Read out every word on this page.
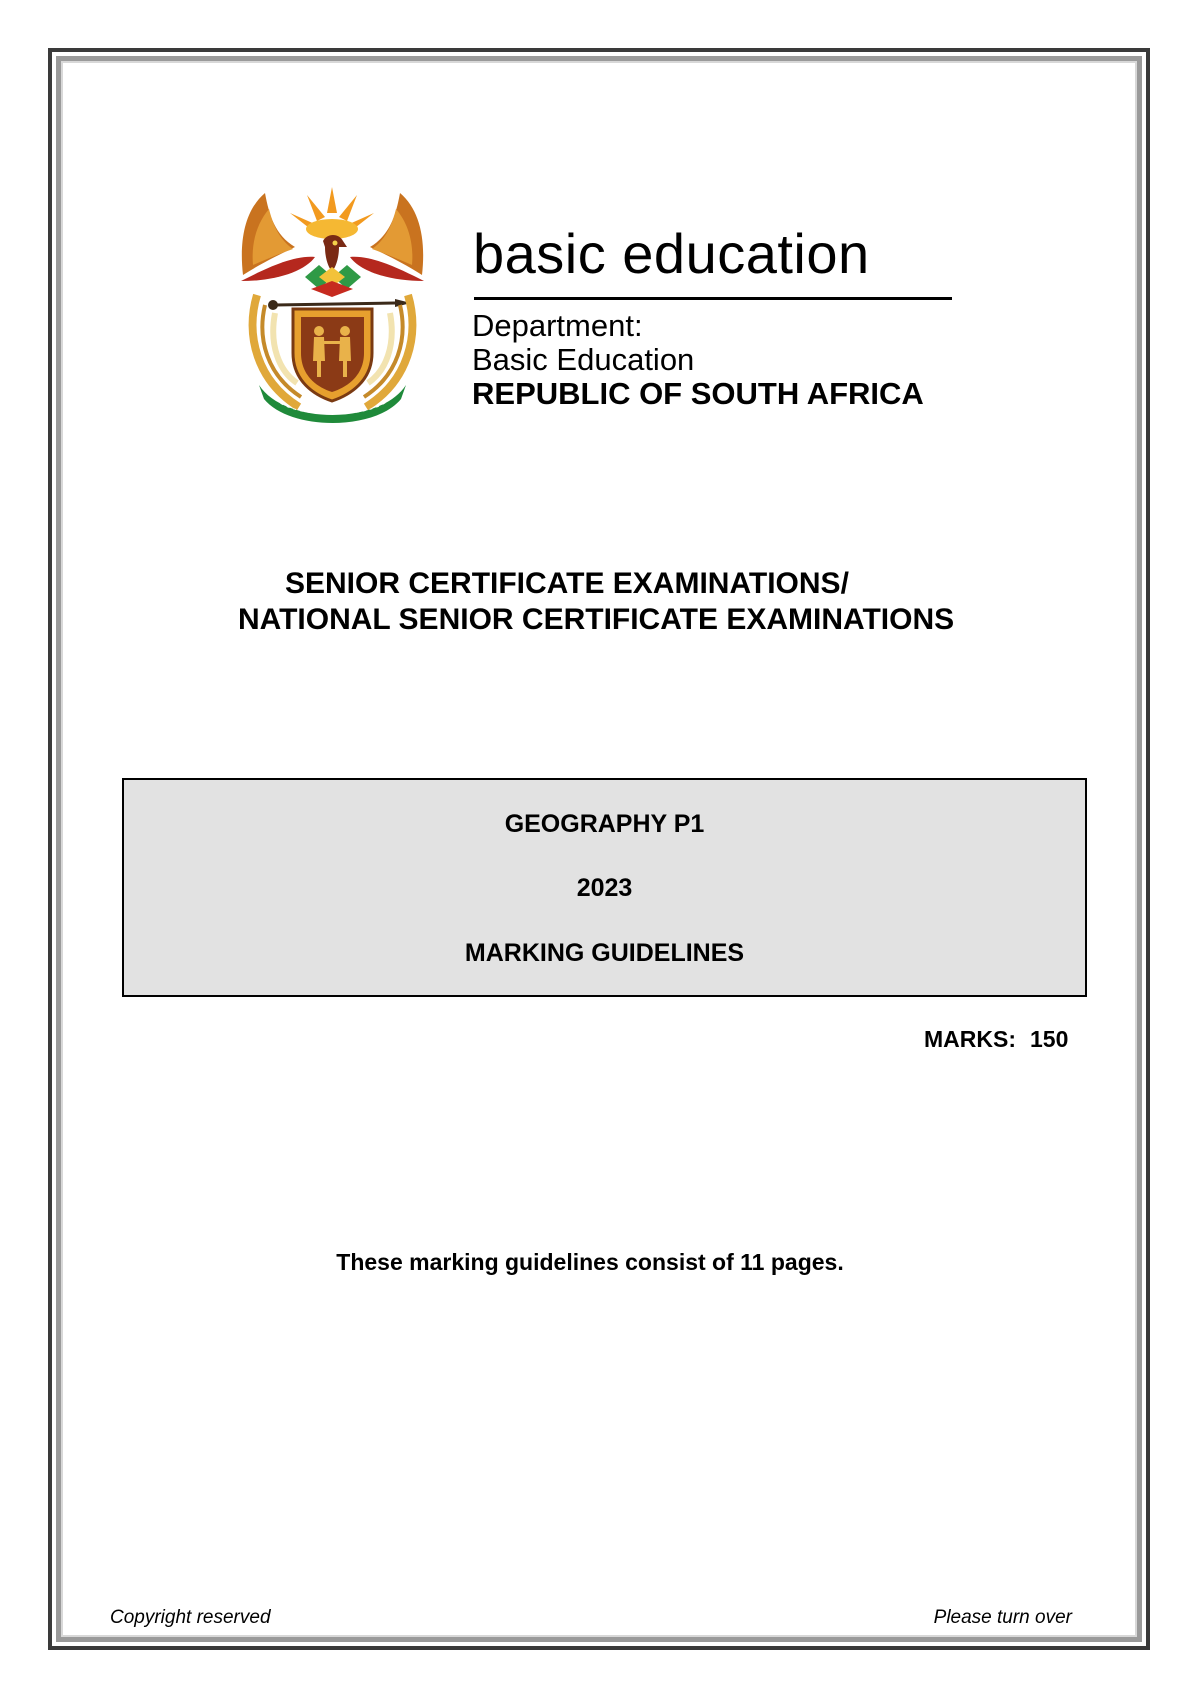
basic education
Department:
Basic Education
REPUBLIC OF SOUTH AFRICA
SENIOR CERTIFICATE EXAMINATIONS/
NATIONAL SENIOR CERTIFICATE EXAMINATIONS
GEOGRAPHY P1
2023
MARKING GUIDELINES
MARKS: 150
These marking guidelines consist of 11 pages.
Copyright reserved	Please turn over
